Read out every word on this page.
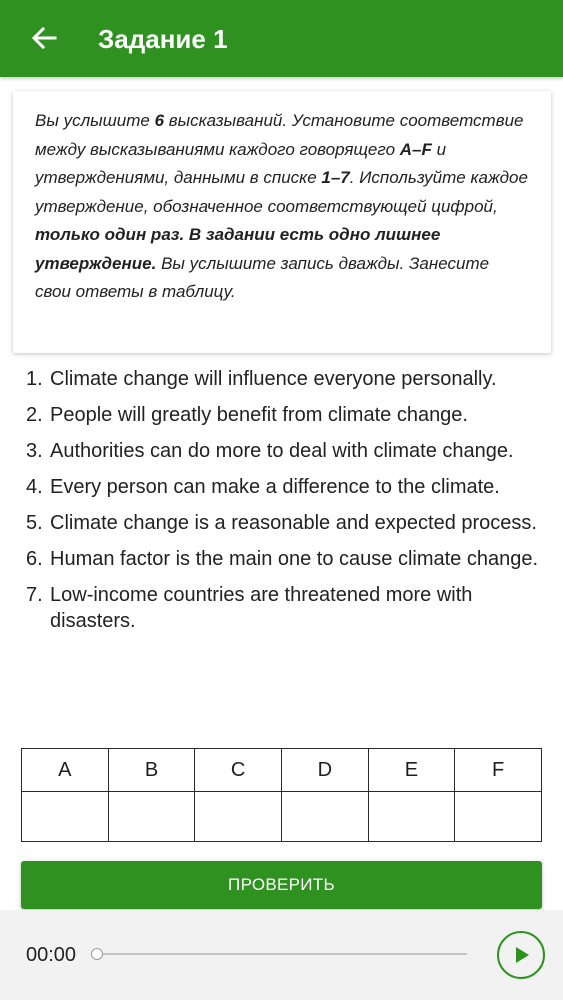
Задание 1

Вы услышите 6 высказываний. Установите соответствие между высказываниями каждого говорящего A–F и утверждениями, данными в списке 1–7. Используйте каждое утверждение, обозначенное соответствующей цифрой, только один раз. В задании есть одно лишнее утверждение. Вы услышите запись дважды. Занесите свои ответы в таблицу.

1. Climate change will influence everyone personally.
2. People will greatly benefit from climate change.
3. Authorities can do more to deal with climate change.
4. Every person can make a difference to the climate.
5. Climate change is a reasonable and expected process.
6. Human factor is the main one to cause climate change.
7. Low-income countries are threatened more with disasters.
A	B	C	D	E	F

ПРОВЕРИТЬ
00:00
